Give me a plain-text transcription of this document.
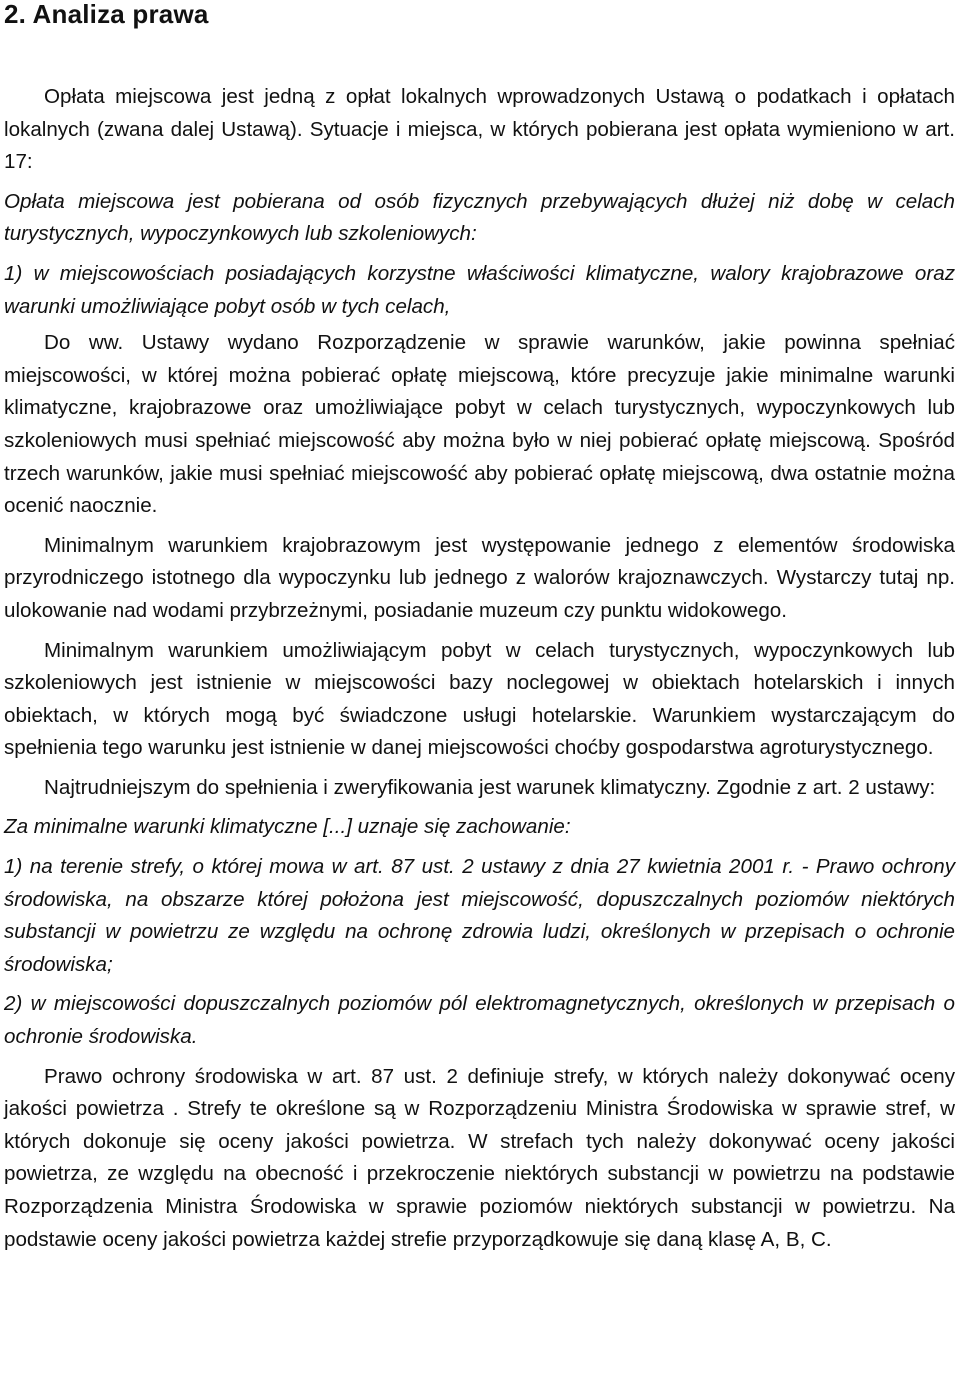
2. Analiza prawa

Opłata miejscowa jest jedną z opłat lokalnych wprowadzonych Ustawą o podatkach i opłatach lokalnych (zwana dalej Ustawą). Sytuacje i miejsca, w których pobierana jest opłata wymieniono w art. 17:

Opłata miejscowa jest pobierana od osób fizycznych przebywających dłużej niż dobę w celach turystycznych, wypoczynkowych lub szkoleniowych:

1) w miejscowościach posiadających korzystne właściwości klimatyczne, walory krajobrazowe oraz warunki umożliwiające pobyt osób w tych celach,

Do ww. Ustawy wydano Rozporządzenie w sprawie warunków, jakie powinna spełniać miejscowości, w której można pobierać opłatę miejscową, które precyzuje jakie minimalne warunki klimatyczne, krajobrazowe oraz umożliwiające pobyt w celach turystycznych, wypoczynkowych lub szkoleniowych musi spełniać miejscowość aby można było w niej pobierać opłatę miejscową. Spośród trzech warunków, jakie musi spełniać miejscowość aby pobierać opłatę miejscową, dwa ostatnie można ocenić naocznie.

Minimalnym warunkiem krajobrazowym jest występowanie jednego z elementów środowiska przyrodniczego istotnego dla wypoczynku lub jednego z walorów krajoznawczych. Wystarczy tutaj np. ulokowanie nad wodami przybrzeżnymi, posiadanie muzeum czy punktu widokowego.

Minimalnym warunkiem umożliwiającym pobyt w celach turystycznych, wypoczynkowych lub szkoleniowych jest istnienie w miejscowości bazy noclegowej w obiektach hotelarskich i innych obiektach, w których mogą być świadczone usługi hotelarskie. Warunkiem wystarczającym do spełnienia tego warunku jest istnienie w danej miejscowości choćby gospodarstwa agroturystycznego.

Najtrudniejszym do spełnienia i zweryfikowania jest warunek klimatyczny. Zgodnie z art. 2 ustawy:

Za minimalne warunki klimatyczne [...] uznaje się zachowanie:

1) na terenie strefy, o której mowa w art. 87 ust. 2 ustawy z dnia 27 kwietnia 2001 r. - Prawo ochrony środowiska, na obszarze której położona jest miejscowość, dopuszczalnych poziomów niektórych substancji w powietrzu ze względu na ochronę zdrowia ludzi, określonych w przepisach o ochronie środowiska;

2) w miejscowości dopuszczalnych poziomów pól elektromagnetycznych, określonych w przepisach o ochronie środowiska.

Prawo ochrony środowiska w art. 87 ust. 2 definiuje strefy, w których należy dokonywać oceny jakości powietrza . Strefy te określone są w Rozporządzeniu Ministra Środowiska w sprawie stref, w których dokonuje się oceny jakości powietrza. W strefach tych należy dokonywać oceny jakości powietrza, ze względu na obecność i przekroczenie niektórych substancji w powietrzu na podstawie Rozporządzenia Ministra Środowiska w sprawie poziomów niektórych substancji w powietrzu. Na podstawie oceny jakości powietrza każdej strefie przyporządkowuje się daną klasę A, B, C.
